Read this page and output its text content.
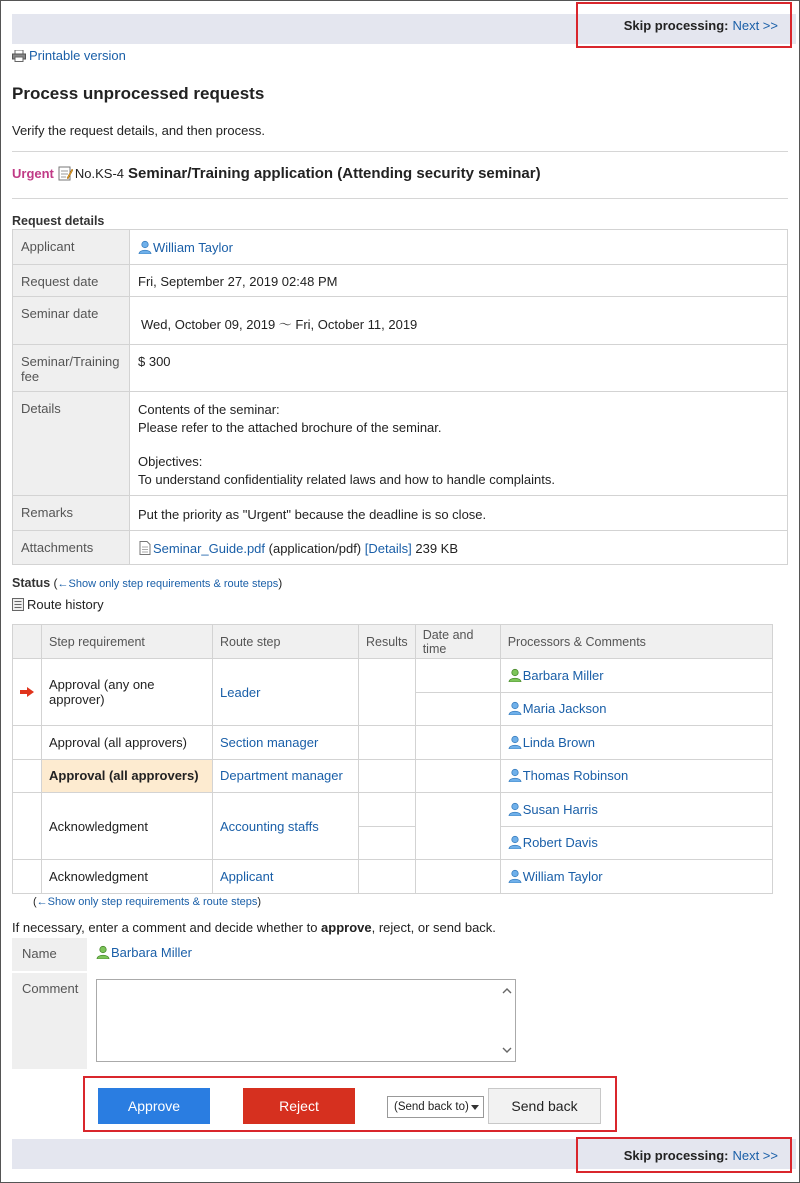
Skip processing: Next >>
Printable version
Process unprocessed requests

Verify the request details, and then process.

Urgent No.KS-4 Seminar/Training application (Attending security seminar)
Request details
Applicant	William Taylor
Request date	Fri, September 27, 2019 02:48 PM
Seminar date	Wed, October 09, 2019 〜 Fri, October 11, 2019
Seminar/Training fee	$ 300
Details	Contents of the seminar:
Please refer to the attached brochure of the seminar.
Objectives:
To understand confidentiality related laws and how to handle complaints.

Remarks	Put the priority as "Urgent" because the deadline is so close.
Attachments	Seminar_Guide.pdf (application/pdf) [Details] 239 KB
Status (←Show only step requirements & route steps)
Route history
	Step requirement	Route step	Results	Date and time	Processors & Comments
	Approval (any one approver)	Leader			Barbara Miller
					Maria Jackson
	Approval (all approvers)	Section manager			Linda Brown
	Approval (all approvers)	Department manager			Thomas Robinson
	Acknowledgment	Accounting staffs			Susan Harris
					Robert Davis
	Acknowledgment	Applicant			William Taylor
(←Show only step requirements & route steps)
If necessary, enter a comment and decide whether to approve, reject, or send back.
Name	Barbara Miller
Comment
Approve	Reject	(Send back to)	Send back
Skip processing: Next >>
